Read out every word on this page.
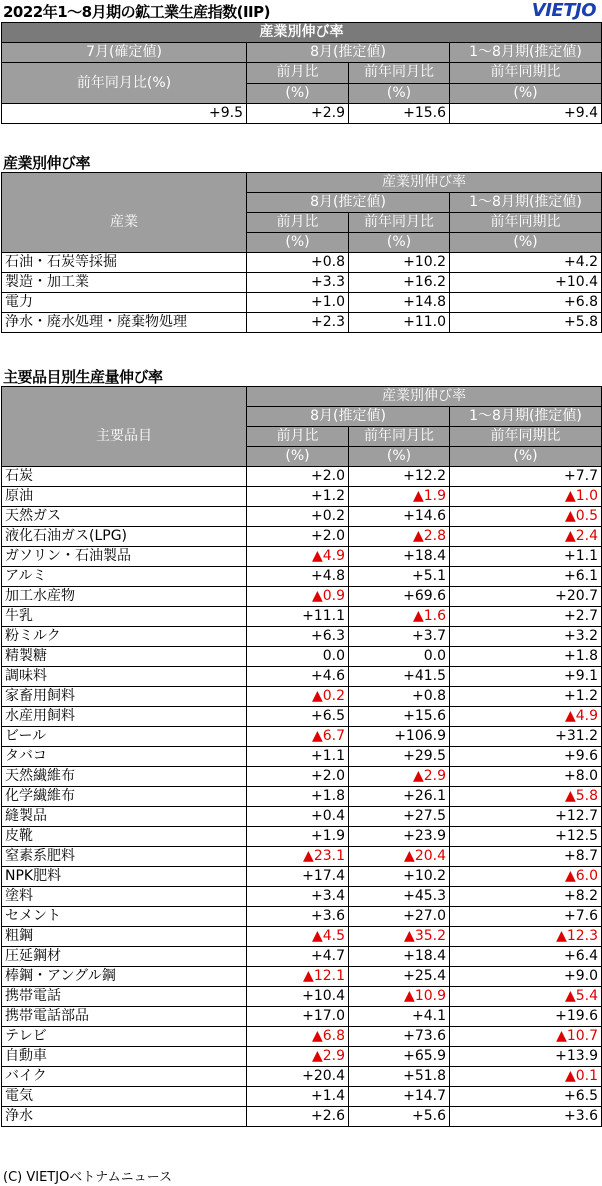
2022年1～8月期の鉱工業生産指数(IIP)	VIETJO
産業別伸び率			
7月(確定値)	8月(推定値)		1～8月期(推定値)
前年同月比(%)	前月比	前年同月比	前年同期比
	(%)	(%)	(%)
+9.5	+2.9	+15.6	+9.4
産業別伸び率
	産業別伸び率		
産業	8月(推定値)		1～8月期(推定値)
	前月比	前年同月比	前年同期比
	(%)	(%)	(%)
石油・石炭等採掘	+0.8	+10.2	+4.2
製造・加工業	+3.3	+16.2	+10.4
電力	+1.0	+14.8	+6.8
浄水・廃水処理・廃棄物処理	+2.3	+11.0	+5.8
主要品目別生産量伸び率
	産業別伸び率		
主要品目	8月(推定値)		1～8月期(推定値)
	前月比	前年同月比	前年同期比
	(%)	(%)	(%)
石炭	+2.0	+12.2	+7.7
原油	+1.2	▲1.9	▲1.0
天然ガス	+0.2	+14.6	▲0.5
液化石油ガス(LPG)	+2.0	▲2.8	▲2.4
ガソリン・石油製品	▲4.9	+18.4	+1.1
アルミ	+4.8	+5.1	+6.1
加工水産物	▲0.9	+69.6	+20.7
牛乳	+11.1	▲1.6	+2.7
粉ミルク	+6.3	+3.7	+3.2
精製糖	0.0	0.0	+1.8
調味料	+4.6	+41.5	+9.1
家畜用飼料	▲0.2	+0.8	+1.2
水産用飼料	+6.5	+15.6	▲4.9
ビール	▲6.7	+106.9	+31.2
タバコ	+1.1	+29.5	+9.6
天然繊維布	+2.0	▲2.9	+8.0
化学繊維布	+1.8	+26.1	▲5.8
縫製品	+0.4	+27.5	+12.7
皮靴	+1.9	+23.9	+12.5
窒素系肥料	▲23.1	▲20.4	+8.7
NPK肥料	+17.4	+10.2	▲6.0
塗料	+3.4	+45.3	+8.2
セメント	+3.6	+27.0	+7.6
粗鋼	▲4.5	▲35.2	▲12.3
圧延鋼材	+4.7	+18.4	+6.4
棒鋼・アングル鋼	▲12.1	+25.4	+9.0
携帯電話	+10.4	▲10.9	▲5.4
携帯電話部品	+17.0	+4.1	+19.6
テレビ	▲6.8	+73.6	▲10.7
自動車	▲2.9	+65.9	+13.9
バイク	+20.4	+51.8	▲0.1
電気	+1.4	+14.7	+6.5
浄水	+2.6	+5.6	+3.6
(C) VIETJOベトナムニュース
